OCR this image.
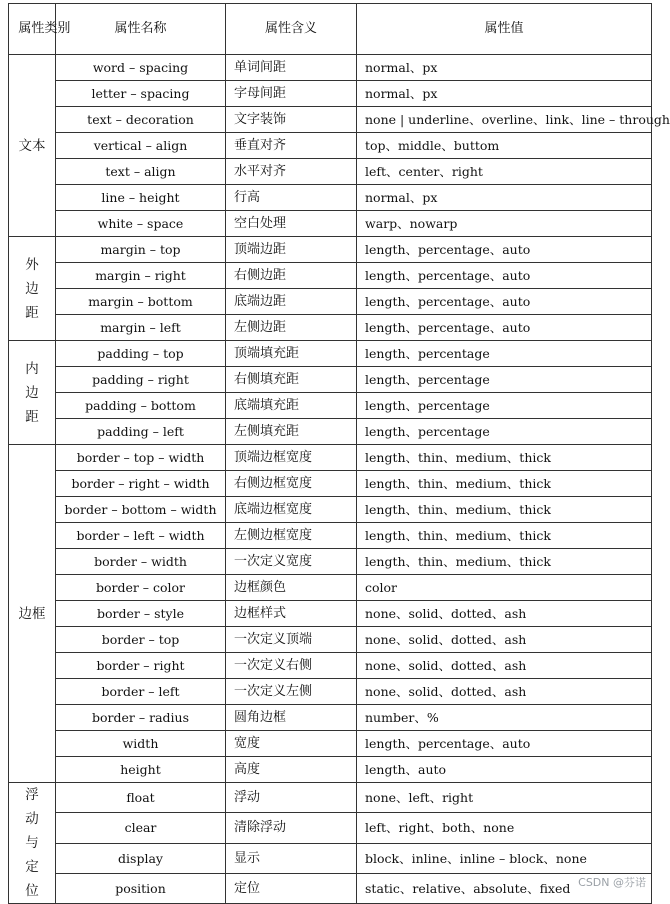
属性类别	属性名称	属性含义	属性值
文本	word – spacing	单词间距	normal、px
	letter – spacing	字母间距	normal、px
	text – decoration	文字装饰	none | underline、overline、link、line – through
	vertical – align	垂直对齐	top、middle、buttom
	text – align	水平对齐	left、center、right
	line – height	行高	normal、px
	white – space	空白处理	warp、nowarp
外边距	margin – top	顶端边距	length、percentage、auto
	margin – right	右侧边距	length、percentage、auto
	margin – bottom	底端边距	length、percentage、auto
	margin – left	左侧边距	length、percentage、auto
内边距	padding – top	顶端填充距	length、percentage
	padding – right	右侧填充距	length、percentage
	padding – bottom	底端填充距	length、percentage
	padding – left	左侧填充距	length、percentage
边框	border – top – width	顶端边框宽度	length、thin、medium、thick
	border – right – width	右侧边框宽度	length、thin、medium、thick
	border – bottom – width	底端边框宽度	length、thin、medium、thick
	border – left – width	左侧边框宽度	length、thin、medium、thick
	border – width	一次定义宽度	length、thin、medium、thick
	border – color	边框颜色	color
	border – style	边框样式	none、solid、dotted、ash
	border – top	一次定义顶端	none、solid、dotted、ash
	border – right	一次定义右侧	none、solid、dotted、ash
	border – left	一次定义左侧	none、solid、dotted、ash
	border – radius	圆角边框	number、%
	width	宽度	length、percentage、auto
	height	高度	length、auto
浮动与定位	float	浮动	none、left、right
	clear	清除浮动	left、right、both、none
	display	显示	block、inline、inline – block、none
	position	定位	static、relative、absolute、fixed CSDN @芬诺
